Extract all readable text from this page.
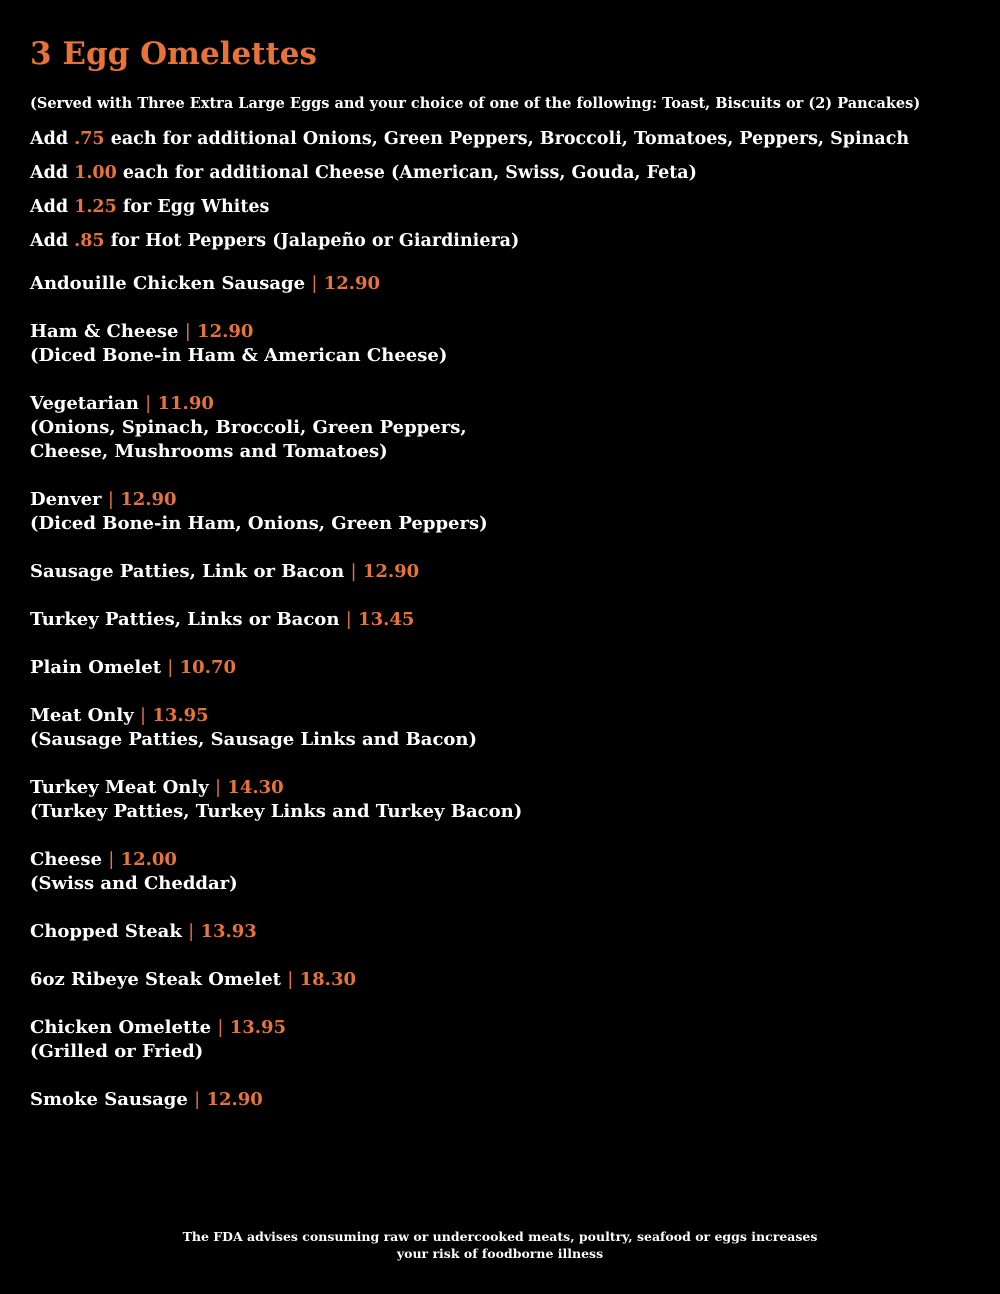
3 Egg Omelettes
(Served with Three Extra Large Eggs and your choice of one of the following: Toast, Biscuits or (2) Pancakes)
Add .75 each for additional Onions, Green Peppers, Broccoli, Tomatoes, Peppers, Spinach
Add 1.00 each for additional Cheese (American, Swiss, Gouda, Feta)
Add 1.25 for Egg Whites
Add .85 for Hot Peppers (Jalapeño or Giardiniera)
Andouille Chicken Sausage | 12.90
Ham & Cheese | 12.90
(Diced Bone-in Ham & American Cheese)
Vegetarian | 11.90
(Onions, Spinach, Broccoli, Green Peppers,
Cheese, Mushrooms and Tomatoes)
Denver | 12.90
(Diced Bone-in Ham, Onions, Green Peppers)
Sausage Patties, Link or Bacon | 12.90
Turkey Patties, Links or Bacon | 13.45
Plain Omelet | 10.70
Meat Only | 13.95
(Sausage Patties, Sausage Links and Bacon)
Turkey Meat Only | 14.30
(Turkey Patties, Turkey Links and Turkey Bacon)
Cheese | 12.00
(Swiss and Cheddar)
Chopped Steak | 13.93
6oz Ribeye Steak Omelet | 18.30
Chicken Omelette | 13.95
(Grilled or Fried)
Smoke Sausage | 12.90
The FDA advises consuming raw or undercooked meats, poultry, seafood or eggs increases
your risk of foodborne illness
